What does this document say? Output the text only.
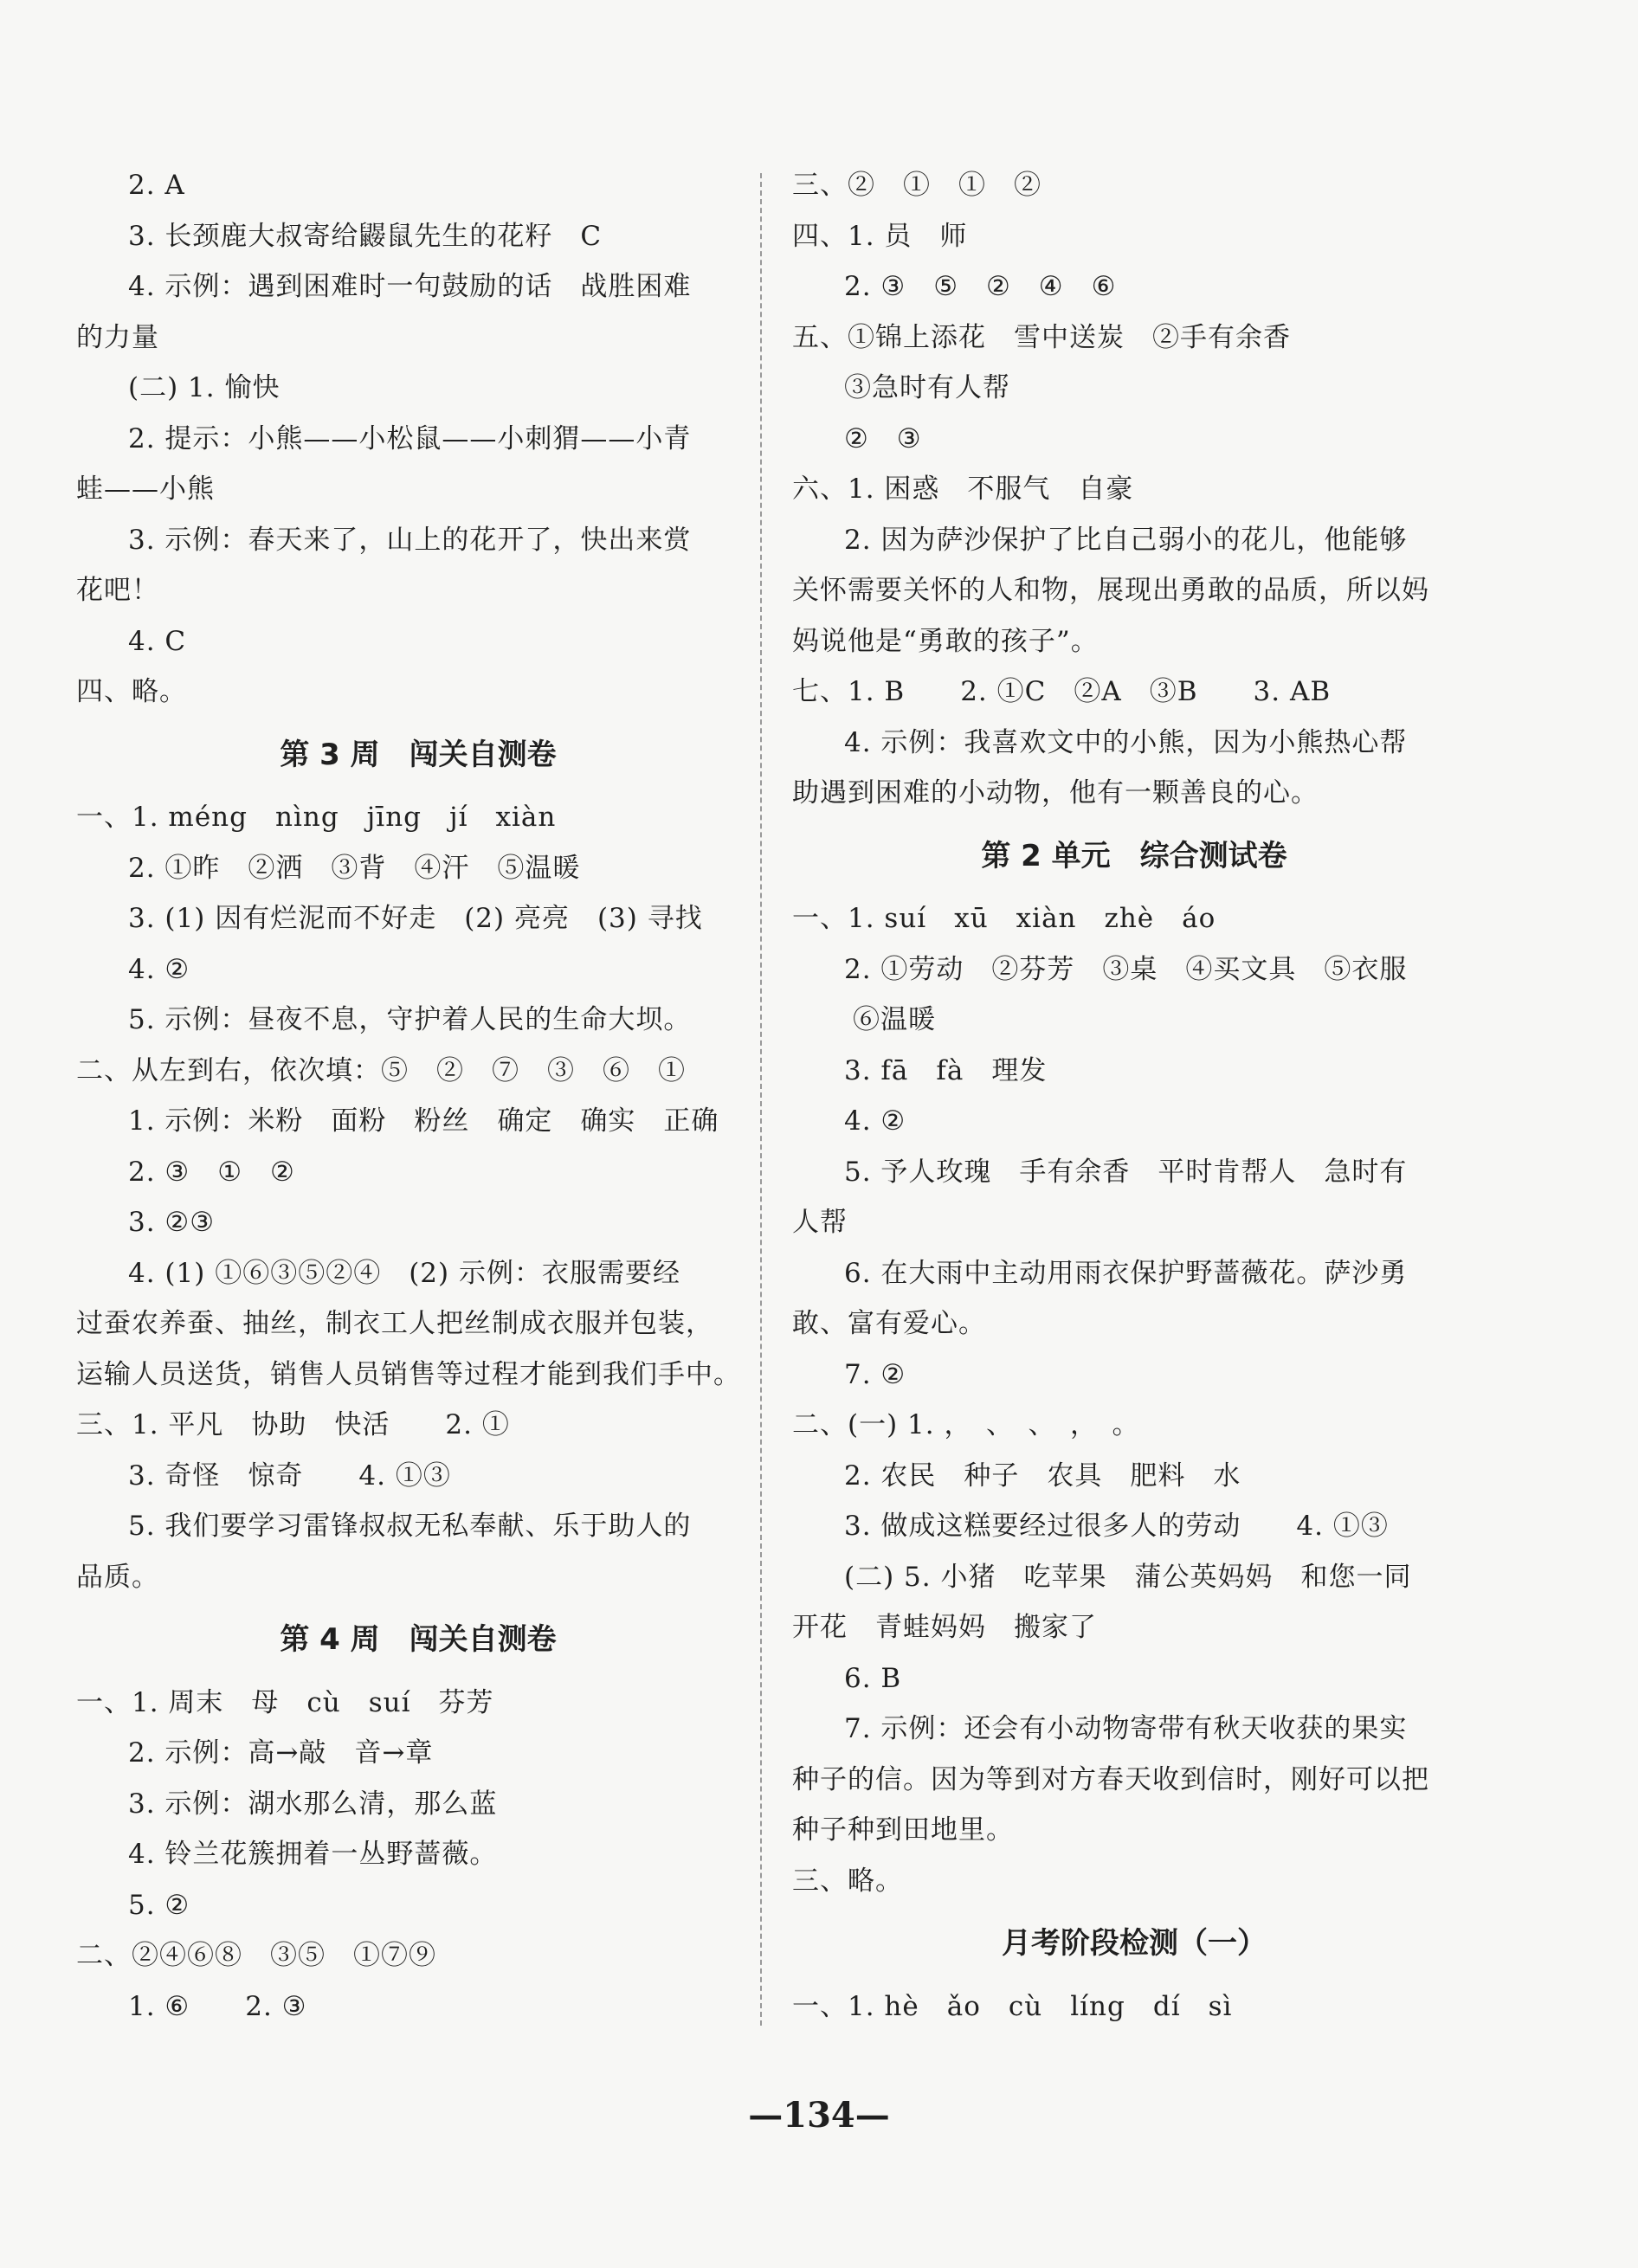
2. A
3. 长颈鹿大叔寄给鼹鼠先生的花籽　C
4. 示例：遇到困难时一句鼓励的话　战胜困难
的力量
(二) 1. 愉快
2. 提示：小熊——小松鼠——小刺猬——小青
蛙——小熊
3. 示例：春天来了，山上的花开了，快出来赏
花吧！
4. C
四、略。
第 3 周　闯关自测卷
一、1. méng　nìng　jīng　jí　xiàn
2. ①昨　②洒　③背　④汗　⑤温暖
3. (1) 因有烂泥而不好走　(2) 亮亮　(3) 寻找
4. ②
5. 示例：昼夜不息，守护着人民的生命大坝。
二、从左到右，依次填：⑤　②　⑦　③　⑥　①
1. 示例：米粉　面粉　粉丝　确定　确实　正确
2. ③　①　②
3. ②③
4. (1) ①⑥③⑤②④　(2) 示例：衣服需要经
过蚕农养蚕、抽丝，制衣工人把丝制成衣服并包装，
运输人员送货，销售人员销售等过程才能到我们手中。
三、1. 平凡　协助　快活　　2. ①
3. 奇怪　惊奇　　4. ①③
5. 我们要学习雷锋叔叔无私奉献、乐于助人的
品质。
第 4 周　闯关自测卷
一、1. 周末　母　cù　suí　芬芳
2. 示例：高→敲　音→章
3. 示例：湖水那么清，那么蓝
4. 铃兰花簇拥着一丛野蔷薇。
5. ②
二、②④⑥⑧　③⑤　①⑦⑨
1. ⑥　　2. ③
三、②　①　①　②
四、1. 员　师
2. ③　⑤　②　④　⑥
五、①锦上添花　雪中送炭　②手有余香
③急时有人帮
②　③
六、1. 困惑　不服气　自豪
2. 因为萨沙保护了比自己弱小的花儿，他能够
关怀需要关怀的人和物，展现出勇敢的品质，所以妈
妈说他是“勇敢的孩子”。
七、1. B　　2. ①C　②A　③B　　3. AB
4. 示例：我喜欢文中的小熊，因为小熊热心帮
助遇到困难的小动物，他有一颗善良的心。
第 2 单元　综合测试卷
一、1. suí　xū　xiàn　zhè　áo
2. ①劳动　②芬芳　③桌　④买文具　⑤衣服
⑥温暖
3. fā　fà　理发
4. ②
5. 予人玫瑰　手有余香　平时肯帮人　急时有
人帮
6. 在大雨中主动用雨衣保护野蔷薇花。萨沙勇
敢、富有爱心。
7. ②
二、(一) 1. ，　、　、　，　。
2. 农民　种子　农具　肥料　水
3. 做成这糕要经过很多人的劳动　　4. ①③
(二) 5. 小猪　吃苹果　蒲公英妈妈　和您一同
开花　青蛙妈妈　搬家了
6. B
7. 示例：还会有小动物寄带有秋天收获的果实
种子的信。因为等到对方春天收到信时，刚好可以把
种子种到田地里。
三、略。
月考阶段检测（一）
一、1. hè　ǎo　cù　líng　dí　sì
—134—
